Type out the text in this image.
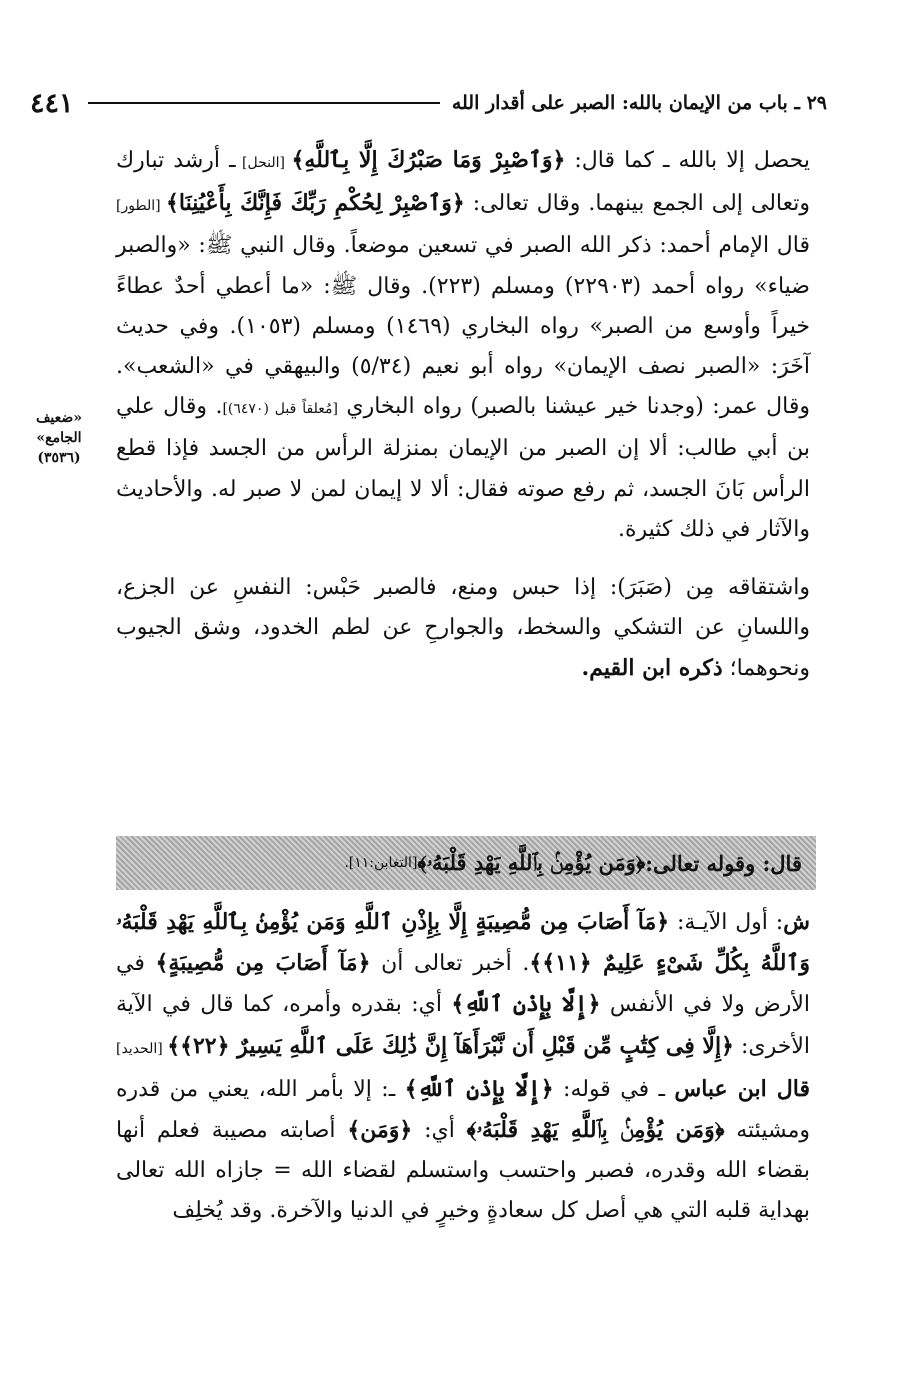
٤٤١	٢٩ ـ باب من الإيمان بالله: الصبر على أقدار الله
«ضعيف
الجامع»
(٣٥٣٦)

يحصل إلا بالله ـ كما قال: ﴿وَٱصْبِرْ وَمَا صَبْرُكَ إِلَّا بِٱللَّهِ﴾ [النحل] ـ أرشد تبارك وتعالى إلى الجمع بينهما. وقال تعالى: ﴿وَٱصْبِرْ لِحُكْمِ رَبِّكَ فَإِنَّكَ بِأَعْيُنِنَا﴾ [الطور] قال الإمام أحمد: ذكر الله الصبر في تسعين موضعاً. وقال النبي ﷺ: «والصبر ضياء» رواه أحمد (٢٢٩٠٣) ومسلم (٢٢٣). وقال ﷺ: «ما أعطي أحدٌ عطاءً خيراً وأوسع من الصبر» رواه البخاري (١٤٦٩) ومسلم (١٠٥٣). وفي حديث آخَرَ: «الصبر نصف الإيمان» رواه أبو نعيم (٥/٣٤) والبيهقي في «الشعب». وقال عمر: (وجدنا خير عيشنا بالصبر) رواه البخاري [مُعلقاً قبل (٦٤٧٠)]. وقال علي بن أبي طالب: ألا إن الصبر من الإيمان بمنزلة الرأس من الجسد فإذا قطع الرأس بَانَ الجسد، ثم رفع صوته فقال: ألا لا إيمان لمن لا صبر له. والأحاديث والآثار في ذلك كثيرة.

واشتقاقه مِن (صَبَرَ): إذا حبس ومنع، فالصبر حَبْس: النفسِ عن الجزع، واللسانِ عن التشكي والسخط، والجوارحِ عن لطم الخدود، وشق الجيوب ونحوهما؛ ذكره ابن القيم.

قال: وقوله تعالى:
﴿وَمَن يُؤْمِنۢ بِٱللَّهِ يَهْدِ قَلْبَهُۥ﴾
[التغابن:١١].

ش: أول الآيـة: ﴿مَآ أَصَابَ مِن مُّصِيبَةٍ إِلَّا بِإِذْنِ ٱللَّهِ وَمَن يُؤْمِنۢ بِٱللَّهِ يَهْدِ قَلْبَهُۥ وَٱللَّهُ بِكُلِّ شَىْءٍ عَلِيمٌ ﴿١١﴾﴾. أخبر تعالى أن ﴿مَآ أَصَابَ مِن مُّصِيبَةٍ﴾ في الأرض ولا في الأنفس ﴿إِلَّا بِإِذْنِ ٱللَّهِ﴾ أي: بقدره وأمره، كما قال في الآية الأخرى: ﴿إِلَّا فِى كِتَٰبٍ مِّن قَبْلِ أَن نَّبْرَأَهَآ إِنَّ ذَٰلِكَ عَلَى ٱللَّهِ يَسِيرٌ ﴿٢٢﴾﴾ [الحديد] قال ابن عباس ـ في قوله: ﴿إِلَّا بِإِذْنِ ٱللَّهِ﴾ ـ: إلا بأمر الله، يعني من قدره ومشيئته ﴿وَمَن يُؤْمِنۢ بِٱللَّهِ يَهْدِ قَلْبَهُۥ﴾ أي: ﴿وَمَن﴾ أصابته مصيبة فعلم أنها بقضاء الله وقدره، فصبر واحتسب واستسلم لقضاء الله = جازاه الله تعالى بهداية قلبه التي هي أصل كل سعادةٍ وخيرٍ في الدنيا والآخرة. وقد يُخلِف
